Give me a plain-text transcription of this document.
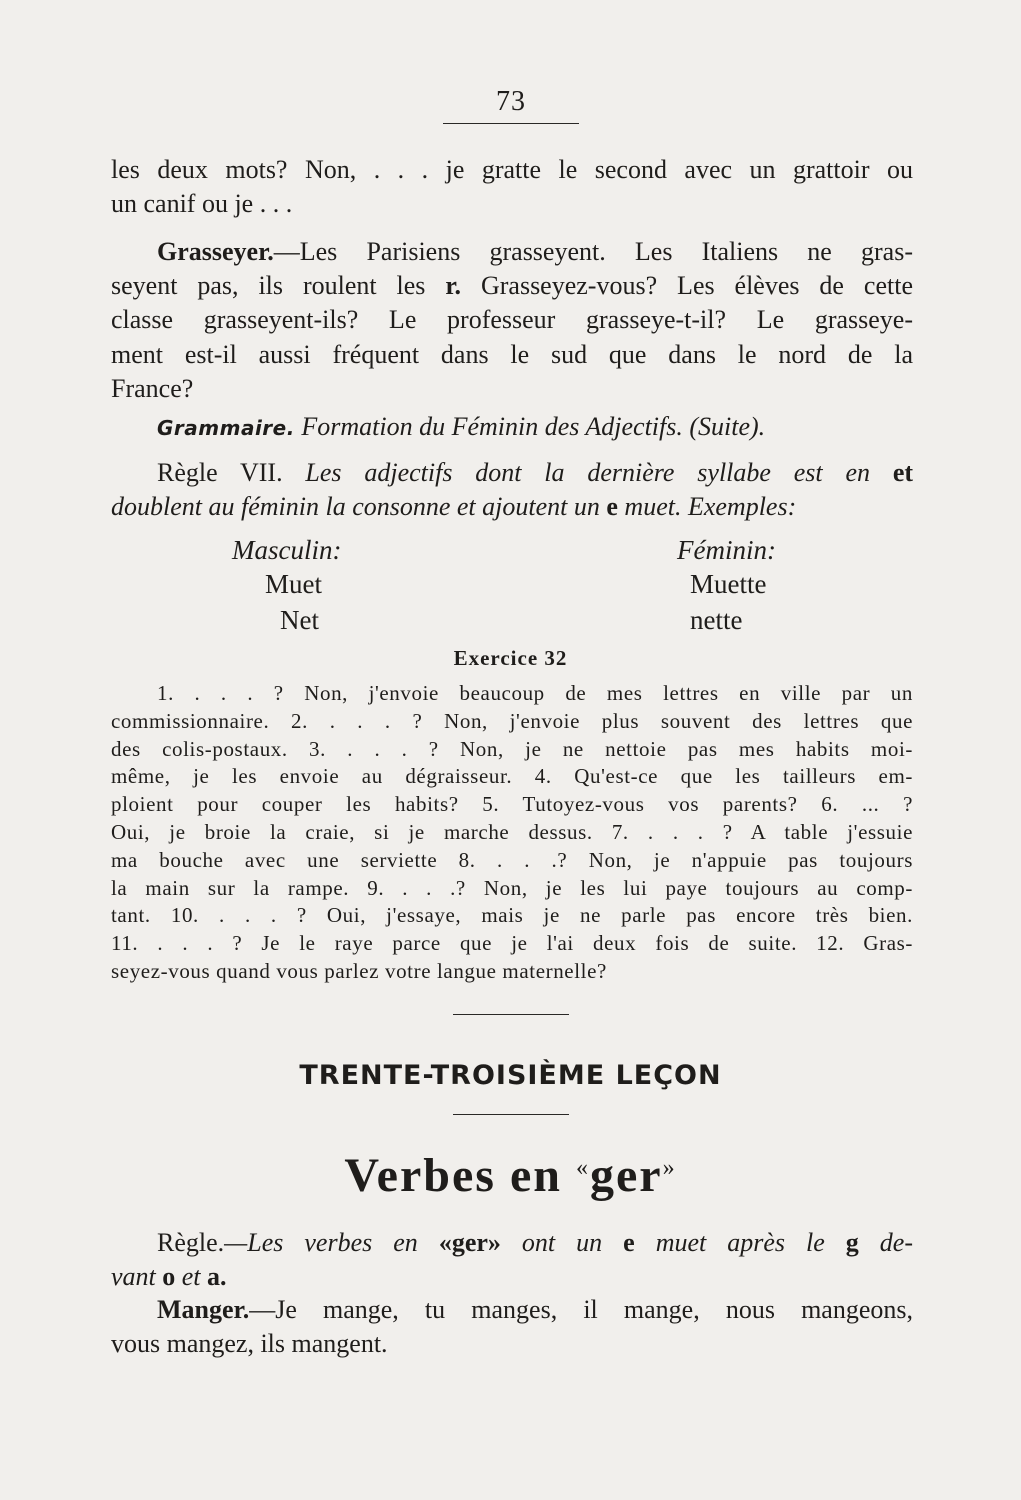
73
les deux mots? Non, . . . je gratte le second avec un grattoir ou
un canif ou je . . .
Grasseyer.—Les Parisiens grasseyent. Les Italiens ne gras-
seyent pas, ils roulent les r. Grasseyez-vous? Les élèves de cette
classe grasseyent-ils? Le professeur grasseye-t-il? Le grasseye-
ment est-il aussi fréquent dans le sud que dans le nord de la
France?
Grammaire. Formation du Féminin des Adjectifs. (Suite).
Règle VII. Les adjectifs dont la dernière syllabe est en et
doublent au féminin la consonne et ajoutent un e muet. Exemples:
Masculin:	Féminin:
Muet	Muette
Net	nette
Exercice 32
1. . . . ? Non, j'envoie beaucoup de mes lettres en ville par un
commissionnaire. 2. . . . ? Non, j'envoie plus souvent des lettres que
des colis-postaux. 3. . . . ? Non, je ne nettoie pas mes habits moi-
même, je les envoie au dégraisseur. 4. Qu'est-ce que les tailleurs em-
ploient pour couper les habits? 5. Tutoyez-vous vos parents? 6. ... ?
Oui, je broie la craie, si je marche dessus. 7. . . . ? A table j'essuie
ma bouche avec une serviette 8. . . .? Non, je n'appuie pas toujours
la main sur la rampe. 9. . . .? Non, je les lui paye toujours au comp-
tant. 10. . . . ? Oui, j'essaye, mais je ne parle pas encore très bien.
11. . . . ? Je le raye parce que je l'ai deux fois de suite. 12. Gras-
seyez-vous quand vous parlez votre langue maternelle?
TRENTE-TROISIÈME LEÇON
Verbes en «ger»
Règle.—Les verbes en «ger» ont un e muet après le g de-
vant o et a.
Manger.—Je mange, tu manges, il mange, nous mangeons,
vous mangez, ils mangent.
